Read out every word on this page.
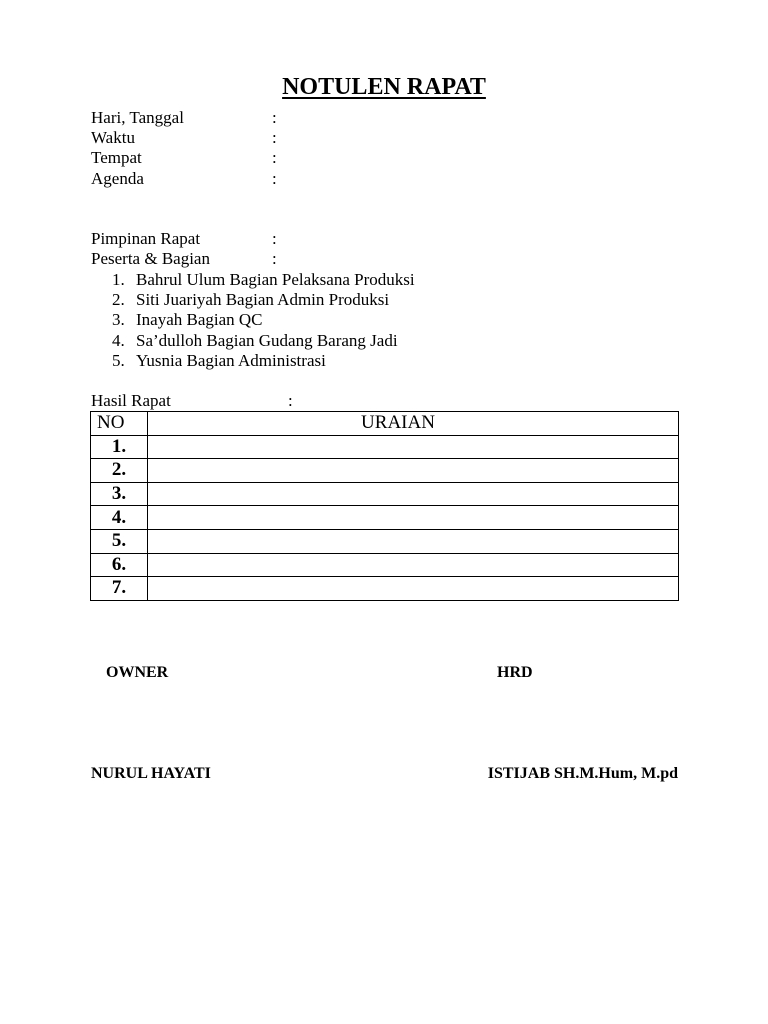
NOTULEN RAPAT
Hari, Tanggal	:
Waktu	:
Tempat	:
Agenda	:
Pimpinan Rapat	:
Peserta & Bagian	:
1. Bahrul Ulum Bagian Pelaksana Produksi
2. Siti Juariyah Bagian Admin Produksi
3. Inayah Bagian QC
4. Sa’dulloh Bagian Gudang Barang Jadi
5. Yusnia Bagian Administrasi
Hasil Rapat	:
NO	URAIAN
1.	
2.	
3.	
4.	
5.	
6.	
7.	
OWNER	HRD
NURUL HAYATI	ISTIJAB SH.M.Hum, M.pd
